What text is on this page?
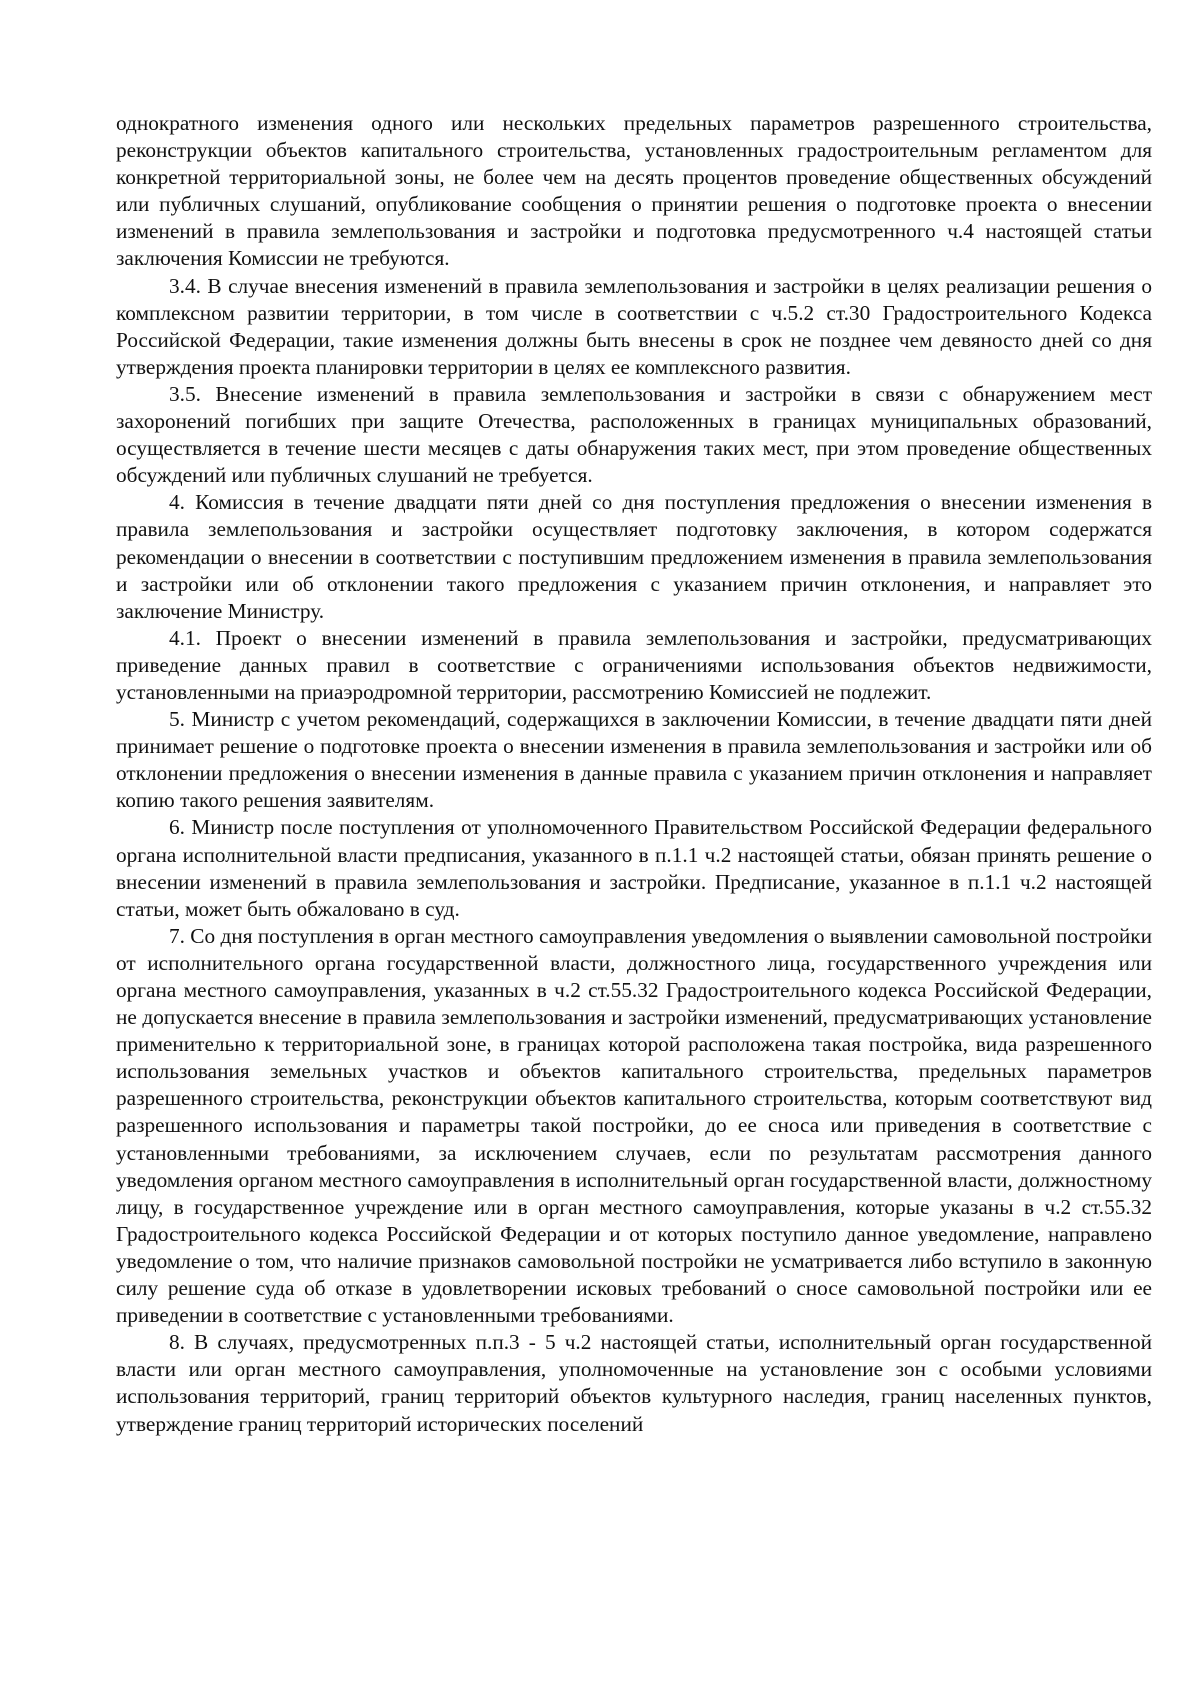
однократного изменения одного или нескольких предельных параметров разрешенного строительства, реконструкции объектов капитального строительства, установленных градостроительным регламентом для конкретной территориальной зоны, не более чем на десять процентов проведение общественных обсуждений или публичных слушаний, опубликование сообщения о принятии решения о подготовке проекта о внесении изменений в правила землепользования и застройки и подготовка предусмотренного ч.4 настоящей статьи заключения Комиссии не требуются.

3.4. В случае внесения изменений в правила землепользования и застройки в целях реализации решения о комплексном развитии территории, в том числе в соответствии с ч.5.2 ст.30 Градостроительного Кодекса Российской Федерации, такие изменения должны быть внесены в срок не позднее чем девяносто дней со дня утверждения проекта планировки территории в целях ее комплексного развития.

3.5. Внесение изменений в правила землепользования и застройки в связи с обнаружением мест захоронений погибших при защите Отечества, расположенных в границах муниципальных образований, осуществляется в течение шести месяцев с даты обнаружения таких мест, при этом проведение общественных обсуждений или публичных слушаний не требуется.

4. Комиссия в течение двадцати пяти дней со дня поступления предложения о внесении изменения в правила землепользования и застройки осуществляет подготовку заключения, в котором содержатся рекомендации о внесении в соответствии с поступившим предложением изменения в правила землепользования и застройки или об отклонении такого предложения с указанием причин отклонения, и направляет это заключение Министру.

4.1. Проект о внесении изменений в правила землепользования и застройки, предусматривающих приведение данных правил в соответствие с ограничениями использования объектов недвижимости, установленными на приаэродромной территории, рассмотрению Комиссией не подлежит.

5. Министр с учетом рекомендаций, содержащихся в заключении Комиссии, в течение двадцати пяти дней принимает решение о подготовке проекта о внесении изменения в правила землепользования и застройки или об отклонении предложения о внесении изменения в данные правила с указанием причин отклонения и направляет копию такого решения заявителям.

6. Министр после поступления от уполномоченного Правительством Российской Федерации федерального органа исполнительной власти предписания, указанного в п.1.1 ч.2 настоящей статьи, обязан принять решение о внесении изменений в правила землепользования и застройки. Предписание, указанное в п.1.1 ч.2 настоящей статьи, может быть обжаловано в суд.

7. Со дня поступления в орган местного самоуправления уведомления о выявлении самовольной постройки от исполнительного органа государственной власти, должностного лица, государственного учреждения или органа местного самоуправления, указанных в ч.2 ст.55.32 Градостроительного кодекса Российской Федерации, не допускается внесение в правила землепользования и застройки изменений, предусматривающих установление применительно к территориальной зоне, в границах которой расположена такая постройка, вида разрешенного использования земельных участков и объектов капитального строительства, предельных параметров разрешенного строительства, реконструкции объектов капитального строительства, которым соответствуют вид разрешенного использования и параметры такой постройки, до ее сноса или приведения в соответствие с установленными требованиями, за исключением случаев, если по результатам рассмотрения данного уведомления органом местного самоуправления в исполнительный орган государственной власти, должностному лицу, в государственное учреждение или в орган местного самоуправления, которые указаны в ч.2 ст.55.32 Градостроительного кодекса Российской Федерации и от которых поступило данное уведомление, направлено уведомление о том, что наличие признаков самовольной постройки не усматривается либо вступило в законную силу решение суда об отказе в удовлетворении исковых требований о сносе самовольной постройки или ее приведении в соответствие с установленными требованиями.

8. В случаях, предусмотренных п.п.3 - 5 ч.2 настоящей статьи, исполнительный орган государственной власти или орган местного самоуправления, уполномоченные на установление зон с особыми условиями использования территорий, границ территорий объектов культурного наследия, границ населенных пунктов, утверждение границ территорий исторических поселений
